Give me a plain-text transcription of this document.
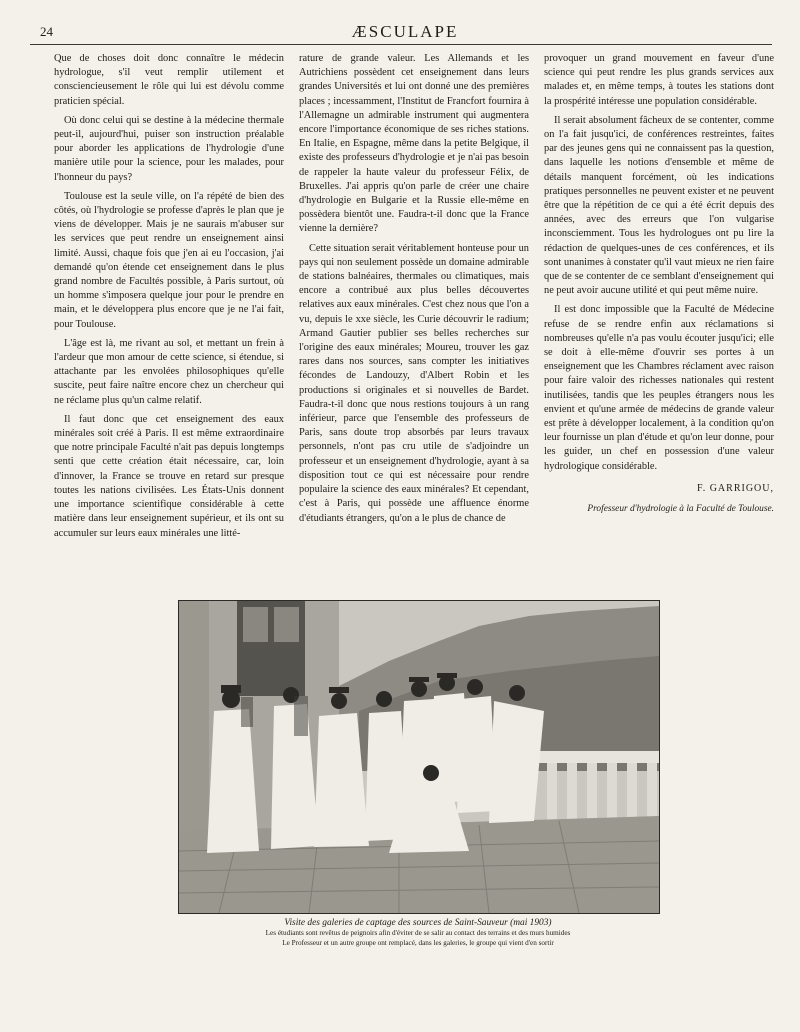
24	ÆSCULAPE

Que de choses doit donc connaître le médecin hydrologue, s'il veut remplir utilement et consciencieusement le rôle qui lui est dévolu comme praticien spécial.

Où donc celui qui se destine à la médecine thermale peut-il, aujourd'hui, puiser son instruction préalable pour aborder les applications de l'hydrologie d'une manière utile pour la science, pour les malades, pour l'honneur du pays?

Toulouse est la seule ville, on l'a répété de bien des côtés, où l'hydrologie se professe d'après le plan que je viens de développer. Mais je ne saurais m'abuser sur les services que peut rendre un enseignement ainsi limité. Aussi, chaque fois que j'en ai eu l'occasion, j'ai demandé qu'on étende cet enseignement dans le plus grand nombre de Facultés possible, à Paris surtout, où un homme s'imposera quelque jour pour le prendre en main, et le développera plus encore que je ne l'ai fait, pour Toulouse.

L'âge est là, me rivant au sol, et mettant un frein à l'ardeur que mon amour de cette science, si étendue, si attachante par les envolées philosophiques qu'elle suscite, peut faire naître encore chez un chercheur qui ne réclame plus qu'un calme relatif.

Il faut donc que cet enseignement des eaux minérales soit créé à Paris. Il est même extraordinaire que notre principale Faculté n'ait pas depuis longtemps senti que cette création était nécessaire, car, loin d'innover, la France se trouve en retard sur presque toutes les nations civilisées. Les États-Unis donnent une importance scientifique considérable à cette matière dans leur enseignement supérieur, et ils ont su accumuler sur leurs eaux minérales une litté-

rature de grande valeur. Les Allemands et les Autrichiens possèdent cet enseignement dans leurs grandes Universités et lui ont donné une des premières places ; incessamment, l'Institut de Francfort fournira à l'Allemagne un admirable instrument qui augmentera encore l'importance économique de ses riches stations. En Italie, en Espagne, même dans la petite Belgique, il existe des professeurs d'hydrologie et je n'ai pas besoin de rappeler la haute valeur du professeur Félix, de Bruxelles. J'ai appris qu'on parle de créer une chaire d'hydrologie en Bulgarie et la Russie elle-même en possèdera bientôt une. Faudra-t-il donc que la France vienne la dernière?

Cette situation serait véritablement honteuse pour un pays qui non seulement possède un domaine admirable de stations balnéaires, thermales ou climatiques, mais encore a contribué aux plus belles découvertes relatives aux eaux minérales. C'est chez nous que l'on a vu, depuis le xxe siècle, les Curie découvrir le radium; Armand Gautier publier ses belles recherches sur l'origine des eaux minérales; Moureu, trouver les gaz rares dans nos sources, sans compter les initiatives fécondes de Landouzy, d'Albert Robin et les productions si originales et si nouvelles de Bardet. Faudra-t-il donc que nous restions toujours à un rang inférieur, parce que l'ensemble des professeurs de Paris, sans doute trop absorbés par leurs travaux personnels, n'ont pas cru utile de s'adjoindre un professeur et un enseignement d'hydrologie, ayant à sa disposition tout ce qui est nécessaire pour rendre populaire la science des eaux minérales? Et cependant, c'est à Paris, qui possède une affluence énorme d'étudiants étrangers, qu'on a le plus de chance de

provoquer un grand mouvement en faveur d'une science qui peut rendre les plus grands services aux malades et, en même temps, à toutes les stations dont la prospérité intéresse une population considérable.

Il serait absolument fâcheux de se contenter, comme on l'a fait jusqu'ici, de conférences restreintes, faites par des jeunes gens qui ne connaissent pas la question, dans laquelle les notions d'ensemble et même de détails manquent forcément, où les indications pratiques personnelles ne peuvent exister et ne peuvent être que la répétition de ce qui a été écrit depuis des années, avec des erreurs que l'on vulgarise inconsciemment. Tous les hydrologues ont pu lire la rédaction de quelques-unes de ces conférences, et ils sont unanimes à constater qu'il vaut mieux ne rien faire que de se contenter de ce semblant d'enseignement qui ne peut avoir aucune utilité et qui peut même nuire.

Il est donc impossible que la Faculté de Médecine refuse de se rendre enfin aux réclamations si nombreuses qu'elle n'a pas voulu écouter jusqu'ici; elle se doit à elle-même d'ouvrir ses portes à un enseignement que les Chambres réclament avec raison pour faire valoir des richesses nationales qui restent inutilisées, tandis que les peuples étrangers nous les envient et qu'une armée de médecins de grande valeur est prête à développer localement, à la condition qu'on leur fournisse un plan d'étude et qu'on leur donne, pour les guider, un chef en possession d'une valeur hydrologique considérable.

F. GARRIGOU,
Professeur d'hydrologie à la Faculté de Toulouse.
Visite des galeries de captage des sources de Saint-Sauveur (mai 1903)
Les étudiants sont revêtus de peignoirs afin d'éviter de se salir au contact des terrains et des murs humides
Le Professeur et un autre groupe ont remplacé, dans les galeries, le groupe qui vient d'en sortir
